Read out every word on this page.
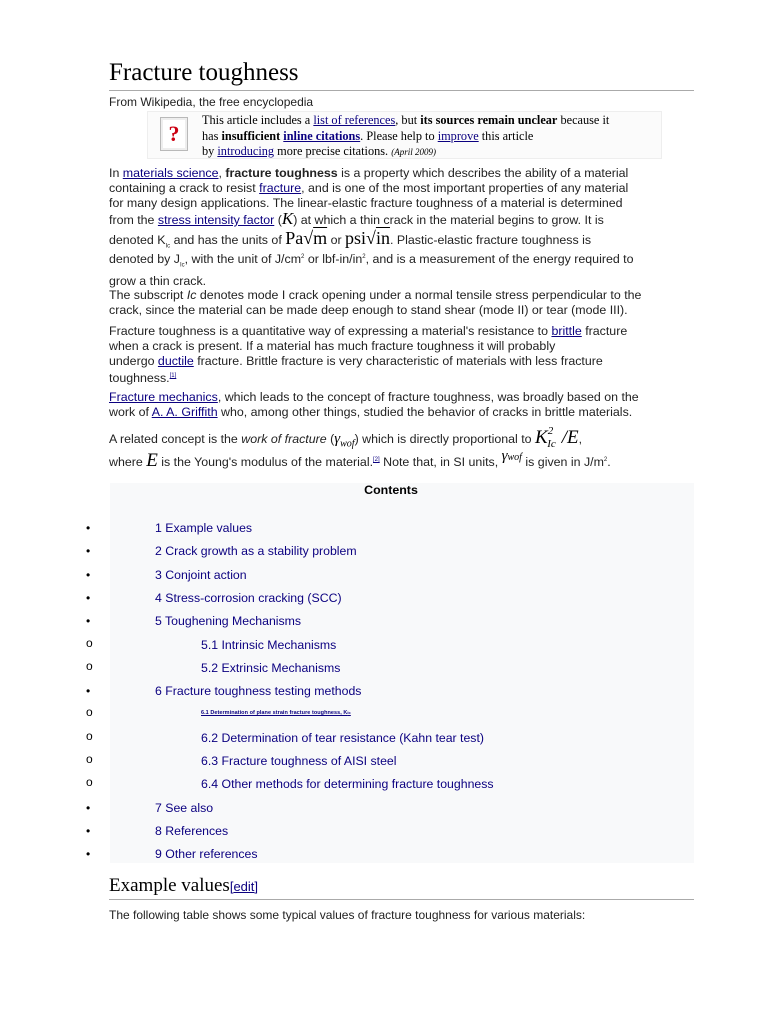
Fracture toughness
From Wikipedia, the free encyclopedia
?
This article includes a list of references, but its sources remain unclear because it
has insufficient inline citations. Please help to improve this article
by introducing more precise citations. (April 2009)
In materials science, fracture toughness is a property which describes the ability of a material
containing a crack to resist fracture, and is one of the most important properties of any material
for many design applications. The linear-elastic fracture toughness of a material is determined
from the stress intensity factor (K) at which a thin crack in the material begins to grow. It is
denoted $K_{Ic}$ and has the units of Pa√m or psi√in. Plastic-elastic fracture toughness is
denoted by $J_{Ic}$, with the unit of $J/cm^2$ or lbf-$in/in^2$, and is a measurement of the energy required to
grow a thin crack.
The subscript Ic denotes mode I crack opening under a normal tensile stress perpendicular to the
crack, since the material can be made deep enough to stand shear (mode II) or tear (mode III).
Fracture toughness is a quantitative way of expressing a material's resistance to brittle fracture
when a crack is present. If a material has much fracture toughness it will probably
undergo ductile fracture. Brittle fracture is very characteristic of materials with less fracture
toughness.[1]
Fracture mechanics, which leads to the concept of fracture toughness, was broadly based on the
work of A. A. Griffith who, among other things, studied the behavior of cracks in brittle materials.
A related concept is the work of fracture $(\gamma_{wof})$ which is directly proportional to K2Ic /E,
where E is the Young's modulus of the material.[2] Note that, in SI units, $\gamma^{wof}$ is given in $J/m^2$.
Contents
•	1 Example values
•	2 Crack growth as a stability problem
•	3 Conjoint action
•	4 Stress-corrosion cracking (SCC)
•	5 Toughening Mechanisms
o	5.1 Intrinsic Mechanisms
o	5.2 Extrinsic Mechanisms
•	6 Fracture toughness testing methods
o	6.1 Determination of plane strain fracture toughness, KIc
o	6.2 Determination of tear resistance (Kahn tear test)
o	6.3 Fracture toughness of AISI steel
o	6.4 Other methods for determining fracture toughness
•	7 See also
•	8 References
•	9 Other references
Example values[edit]
The following table shows some typical values of fracture toughness for various materials:
